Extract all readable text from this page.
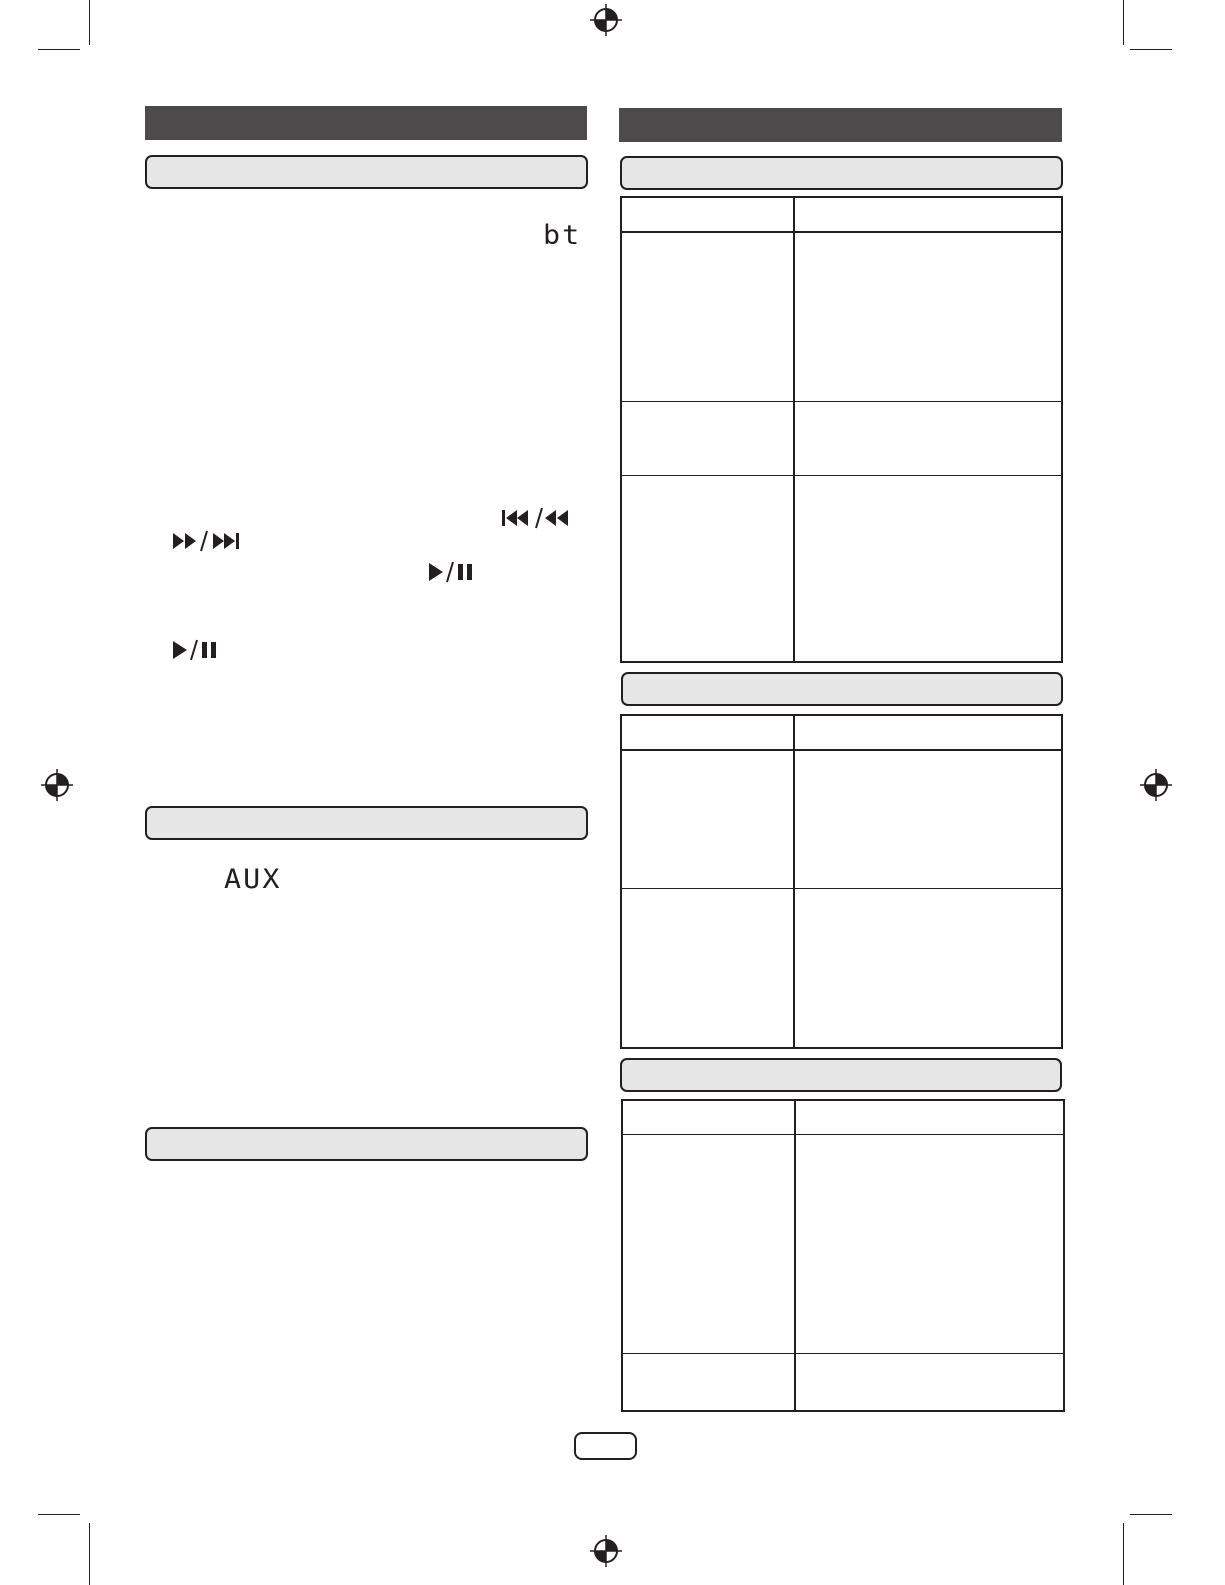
bt
AUX
